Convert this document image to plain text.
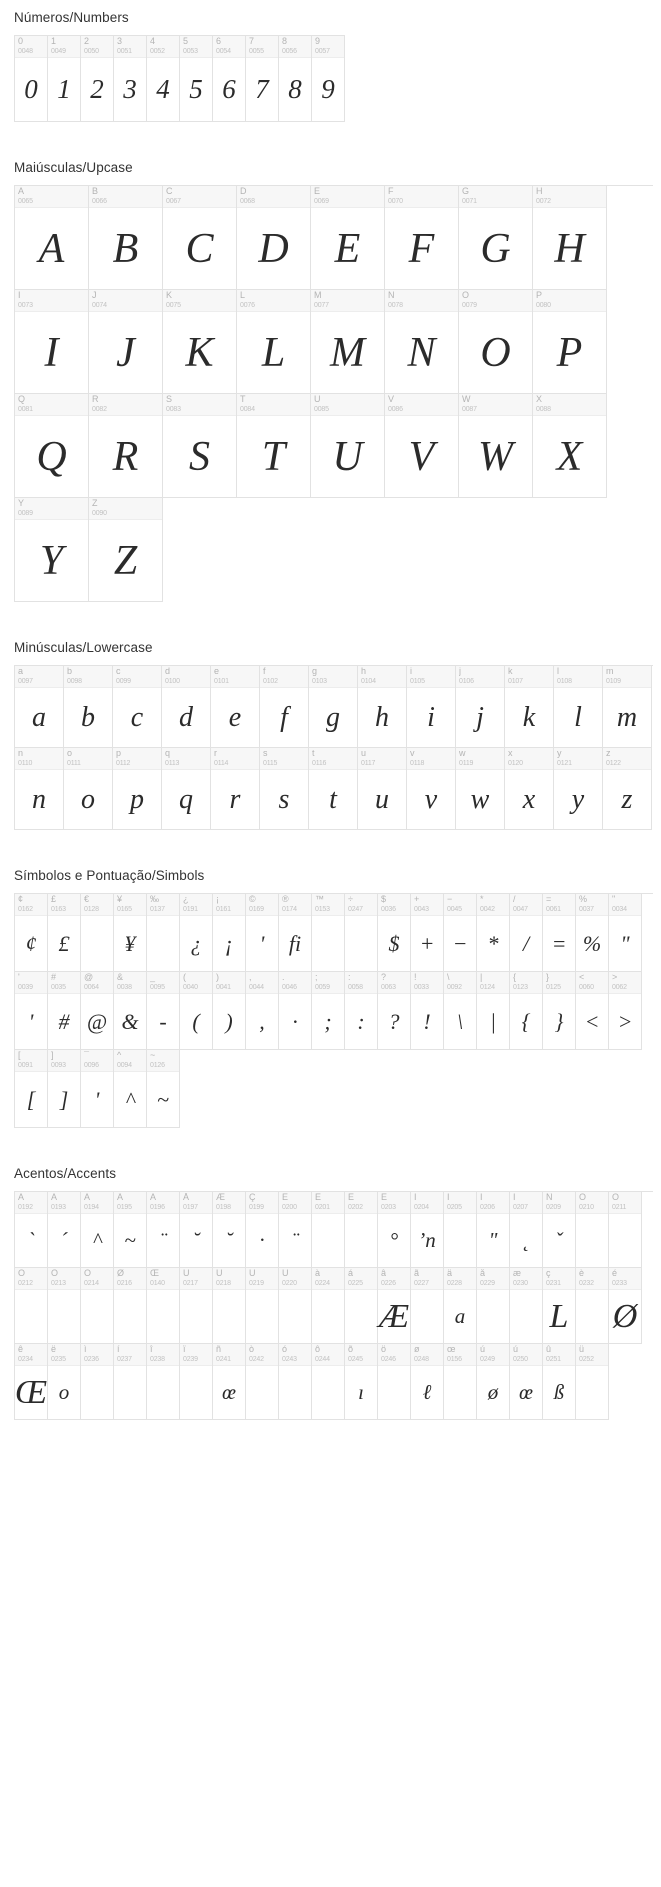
Números/Numbers
0
0048
0
1
0049
1
2
0050
2
3
0051
3
4
0052
4
5
0053
5
6
0054
6
7
0055
7
8
0056
8
9
0057
9
Maiúsculas/Upcase
A
0065
A
B
0066
B
C
0067
C
D
0068
D
E
0069
E
F
0070
F
G
0071
G
H
0072
H
I
0073
I
J
0074
J
K
0075
K
L
0076
L
M
0077
M
N
0078
N
O
0079
O
P
0080
P
Q
0081
Q
R
0082
R
S
0083
S
T
0084
T
U
0085
U
V
0086
V
W
0087
W
X
0088
X
Y
0089
Y
Z
0090
Z
Minúsculas/Lowercase
a
0097
a
b
0098
b
c
0099
c
d
0100
d
e
0101
e
f
0102
f
g
0103
g
h
0104
h
i
0105
i
j
0106
j
k
0107
k
l
0108
l
m
0109
m
n
0110
n
o
0111
o
p
0112
p
q
0113
q
r
0114
r
s
0115
s
t
0116
t
u
0117
u
v
0118
v
w
0119
w
x
0120
x
y
0121
y
z
0122
z
Símbolos e Pontuação/Simbols
¢
0162
¢
£
0163
£
€
0128
¥
0165
¥
‰
0137
¿
0191
¿
¡
0161
¡
©
0169
'
®
0174
fi
™
0153
÷
0247
$
0036
$
+
0043
+
−
0045
−
*
0042
*
/
0047
/
=
0061
=
%
0037
%
"
0034
"
'
0039
'
#
0035
#
@
0064
@
&
0038
&
_
0095
-
(
0040
(
)
0041
)
,
0044
,
.
0046
·
;
0059
;
:
0058
:
?
0063
?
!
0033
!
\
0092
\
|
0124
|
{
0123
{
}
0125
}
<
0060
<
>
0062
>
[
0091
[
]
0093
]
¯
0096
'
^
0094
^
~
0126
~
Acentos/Accents
À
0192
`
Á
0193
´
Â
0194
^
Ã
0195
~
Ä
0196
¨
Å
0197
˘
Æ
0198
˘
Ç
0199
·
È
0200
¨
É
0201
Ê
0202
Ë
0203
°
Ì
0204
ʼn
Í
0205
Î
0206
"
Ï
0207
˛
Ñ
0209
ˇ
Ò
0210
Ó
0211
Ô
0212
Õ
0213
Ö
0214
Ø
0216
Œ
0140
Ù
0217
Ú
0218
Û
0219
Ü
0220
à
0224
á
0225
â
0226
Æ
ã
0227
ä
0228
a
å
0229
æ
0230
ç
0231
L
è
0232
é
0233
Ø
ê
0234
Œ
ë
0235
o
ì
0236
í
0237
î
0238
ï
0239
ñ
0241
œ
ò
0242
ó
0243
ô
0244
õ
0245
ı
ö
0246
ø
0248
ℓ
œ
0156
ú
0249
ø
ú
0250
œ
û
0251
ß
ü
0252
